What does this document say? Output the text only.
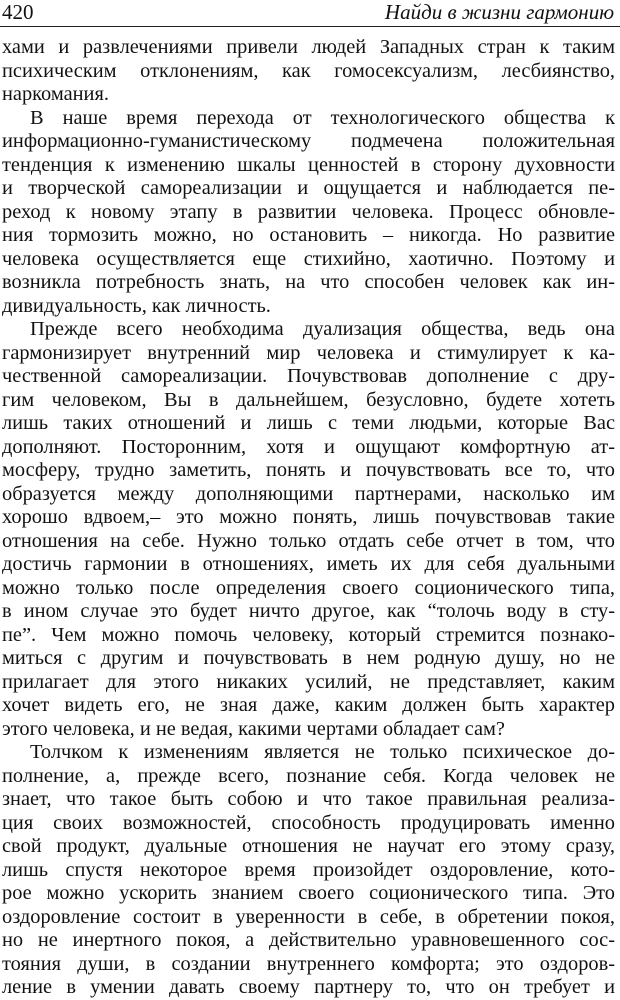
420	Найди в жизни гармонию
хами и развлечениями привели людей Западных стран к таким
психическим отклонениям, как гомосексуализм, лесбиянство,
наркомания.
В наше время перехода от технологического общества к
информационно-гуманистическому подмечена положительная
тенденция к изменению шкалы ценностей в сторону духовности
и творческой самореализации и ощущается и наблюдается пе-
реход к новому этапу в развитии человека. Процесс обновле-
ния тормозить можно, но остановить – никогда. Но развитие
человека осуществляется еще стихийно, хаотично. Поэтому и
возникла потребность знать, на что способен человек как ин-
дивидуальность, как личность.
Прежде всего необходима дуализация общества, ведь она
гармонизирует внутренний мир человека и стимулирует к ка-
чественной самореализации. Почувствовав дополнение с дру-
гим человеком, Вы в дальнейшем, безусловно, будете хотеть
лишь таких отношений и лишь с теми людьми, которые Вас
дополняют. Посторонним, хотя и ощущают комфортную ат-
мосферу, трудно заметить, понять и почувствовать все то, что
образуется между дополняющими партнерами, насколько им
хорошо вдвоем,– это можно понять, лишь почувствовав такие
отношения на себе. Нужно только отдать себе отчет в том, что
достичь гармонии в отношениях, иметь их для себя дуальными
можно только после определения своего соционического типа,
в ином случае это будет ничто другое, как “толочь воду в сту-
пе”. Чем можно помочь человеку, который стремится познако-
миться с другим и почувствовать в нем родную душу, но не
прилагает для этого никаких усилий, не представляет, каким
хочет видеть его, не зная даже, каким должен быть характер
этого человека, и не ведая, какими чертами обладает сам?
Толчком к изменениям является не только психическое до-
полнение, а, прежде всего, познание себя. Когда человек не
знает, что такое быть собою и что такое правильная реализа-
ция своих возможностей, способность продуцировать именно
свой продукт, дуальные отношения не научат его этому сразу,
лишь спустя некоторое время произойдет оздоровление, кото-
рое можно ускорить знанием своего соционического типа. Это
оздоровление состоит в уверенности в себе, в обретении покоя,
но не инертного покоя, а действительно уравновешенного сос-
тояния души, в создании внутреннего комфорта; это оздоров-
ление в умении давать своему партнеру то, что он требует и
